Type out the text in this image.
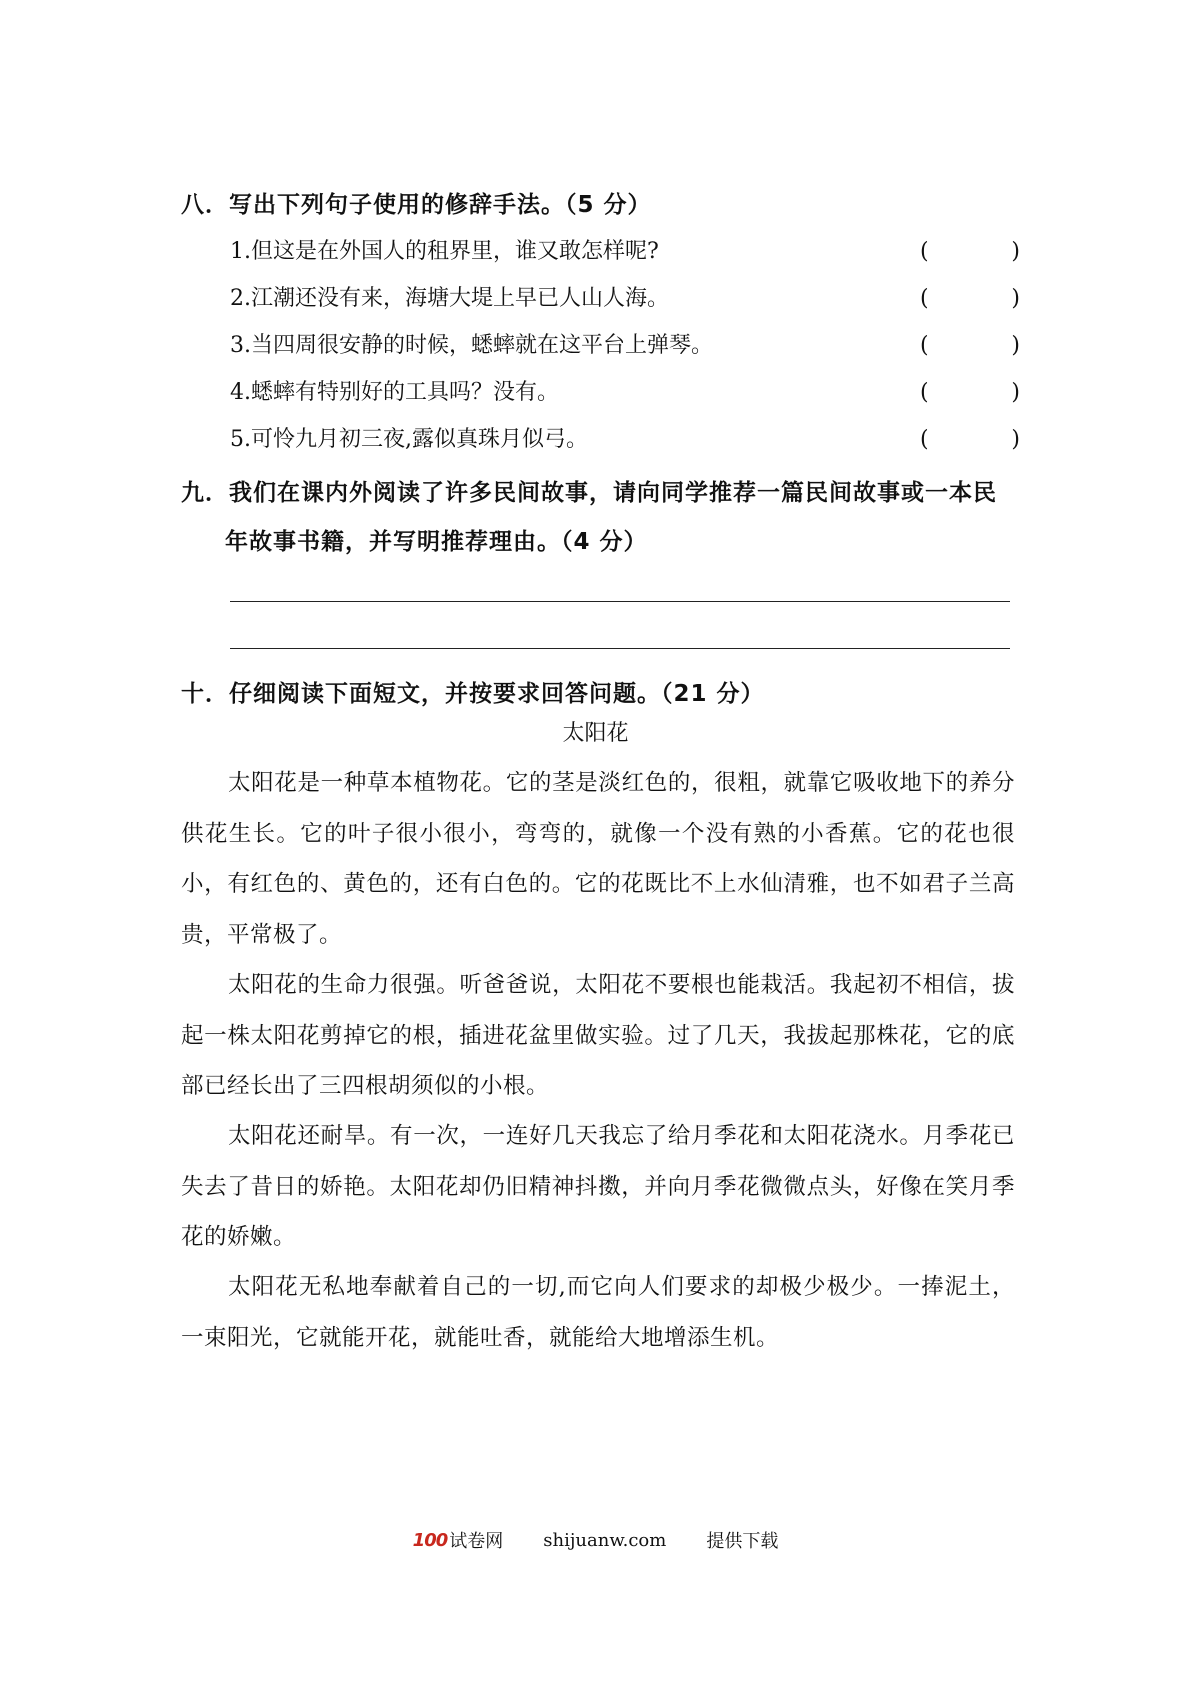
八．写出下列句子使用的修辞手法。（5 分）
1.但这是在外国人的租界里，谁又敢怎样呢?	(	)
2.江潮还没有来，海塘大堤上早已人山人海。	(	)
3.当四周很安静的时候，蟋蟀就在这平台上弹琴。	(	)
4.蟋蟀有特别好的工具吗？没有。	(	)
5.可怜九月初三夜,露似真珠月似弓。	(	)
九．我们在课内外阅读了许多民间故事，请向同学推荐一篇民间故事或一本民
年故事书籍，并写明推荐理由。（4 分）
十．仔细阅读下面短文，并按要求回答问题。（21 分）
太阳花
太阳花是一种草本植物花。它的茎是淡红色的，很粗，就靠它吸收地下的养分供花生长。它的叶子很小很小，弯弯的，就像一个没有熟的小香蕉。它的花也很小，有红色的、黄色的，还有白色的。它的花既比不上水仙清雅，也不如君子兰高贵，平常极了。
太阳花的生命力很强。听爸爸说，太阳花不要根也能栽活。我起初不相信，拔起一株太阳花剪掉它的根，插进花盆里做实验。过了几天，我拔起那株花，它的底部已经长出了三四根胡须似的小根。
太阳花还耐旱。有一次，一连好几天我忘了给月季花和太阳花浇水。月季花已失去了昔日的娇艳。太阳花却仍旧精神抖擞，并向月季花微微点头，好像在笑月季花的娇嫩。
太阳花无私地奉献着自己的一切,而它向人们要求的却极少极少。一捧泥土，一束阳光，它就能开花，就能吐香，就能给大地增添生机。
100 试卷网 shijuanw.com 提供下载
